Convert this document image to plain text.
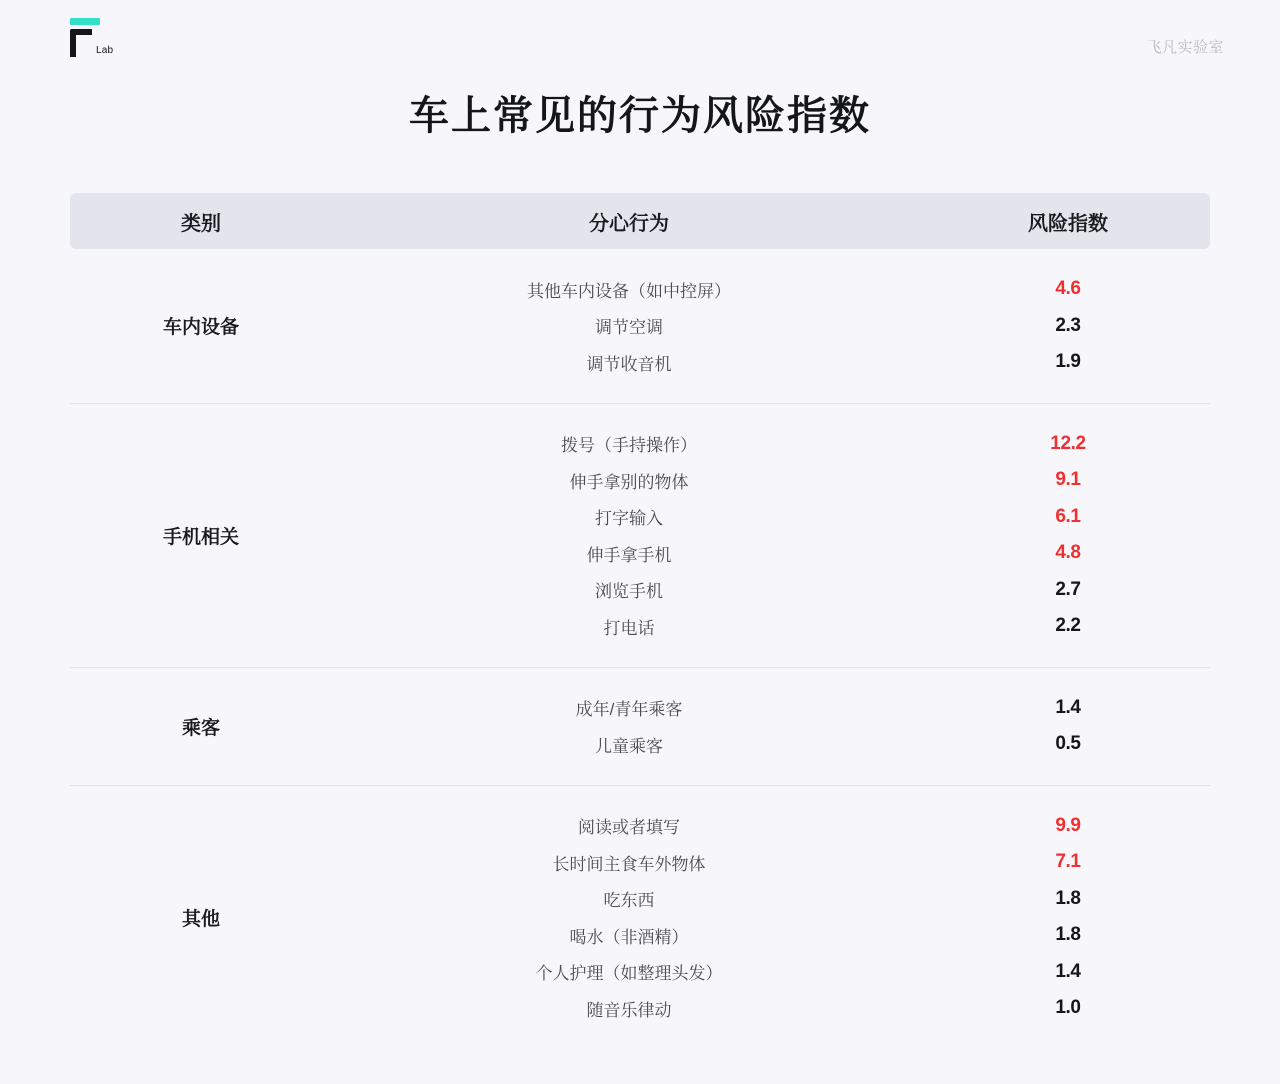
Lab	飞凡实验室
车上常见的行为风险指数
类别	分心行为	风险指数
车内设备
其他车内设备（如中控屏）	4.6
调节空调	2.3
调节收音机	1.9
手机相关
拨号（手持操作）	12.2
伸手拿别的物体	9.1
打字输入	6.1
伸手拿手机	4.8
浏览手机	2.7
打电话	2.2
乘客
成年/青年乘客	1.4
儿童乘客	0.5
其他
阅读或者填写	9.9
长时间主食车外物体	7.1
吃东西	1.8
喝水（非酒精）	1.8
个人护理（如整理头发）	1.4
随音乐律动	1.0
